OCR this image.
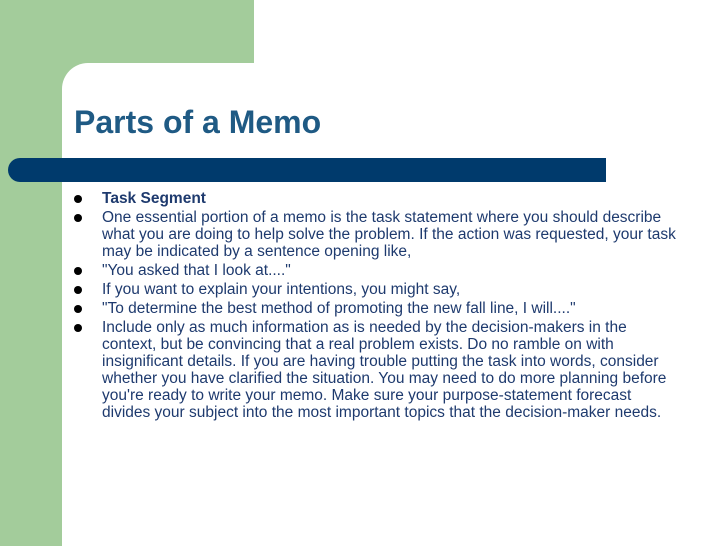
Parts of a Memo
Task Segment
One essential portion of a memo is the task statement where you should describe what you are doing to help solve the problem. If the action was requested, your task may be indicated by a sentence opening like,
"You asked that I look at...."
If you want to explain your intentions, you might say,
"To determine the best method of promoting the new fall line, I will...."
Include only as much information as is needed by the decision-makers in the context, but be convincing that a real problem exists. Do no ramble on with insignificant details. If you are having trouble putting the task into words, consider whether you have clarified the situation. You may need to do more planning before you're ready to write your memo. Make sure your purpose-statement forecast divides your subject into the most important topics that the decision-maker needs.
